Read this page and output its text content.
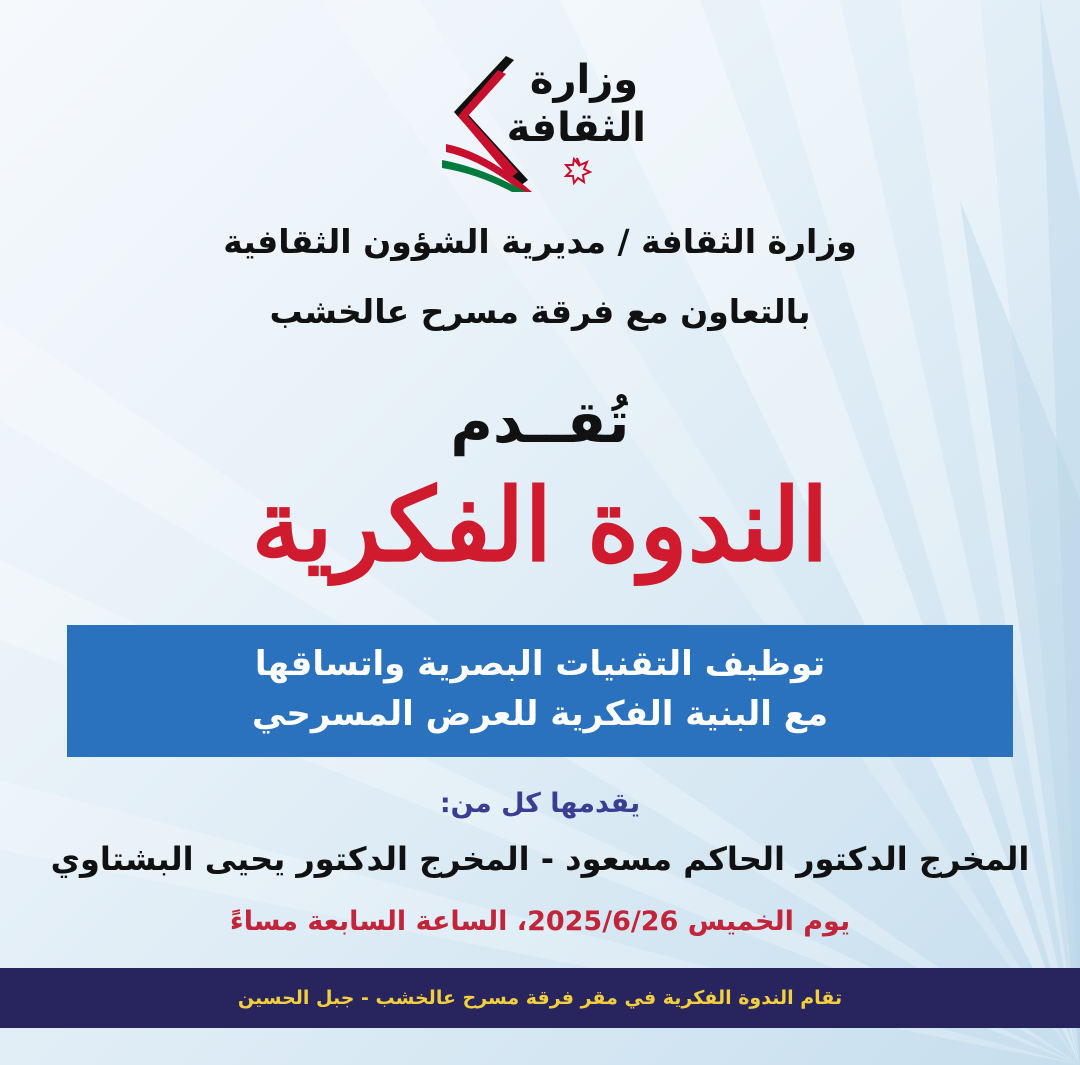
وزارة
الثقافة
وزارة الثقافة / مديرية الشؤون الثقافية
بالتعاون مع فرقة مسرح عالخشب
تُقــدم
الندوة الفكرية
توظيف التقنيات البصرية واتساقها
مع البنية الفكرية للعرض المسرحي
يقدمها كل من:
المخرج الدكتور الحاكم مسعود - المخرج الدكتور يحيى البشتاوي
يوم الخميس 2025/6/26، الساعة السابعة مساءً
تقام الندوة الفكرية في مقر فرقة مسرح عالخشب - جبل الحسين
